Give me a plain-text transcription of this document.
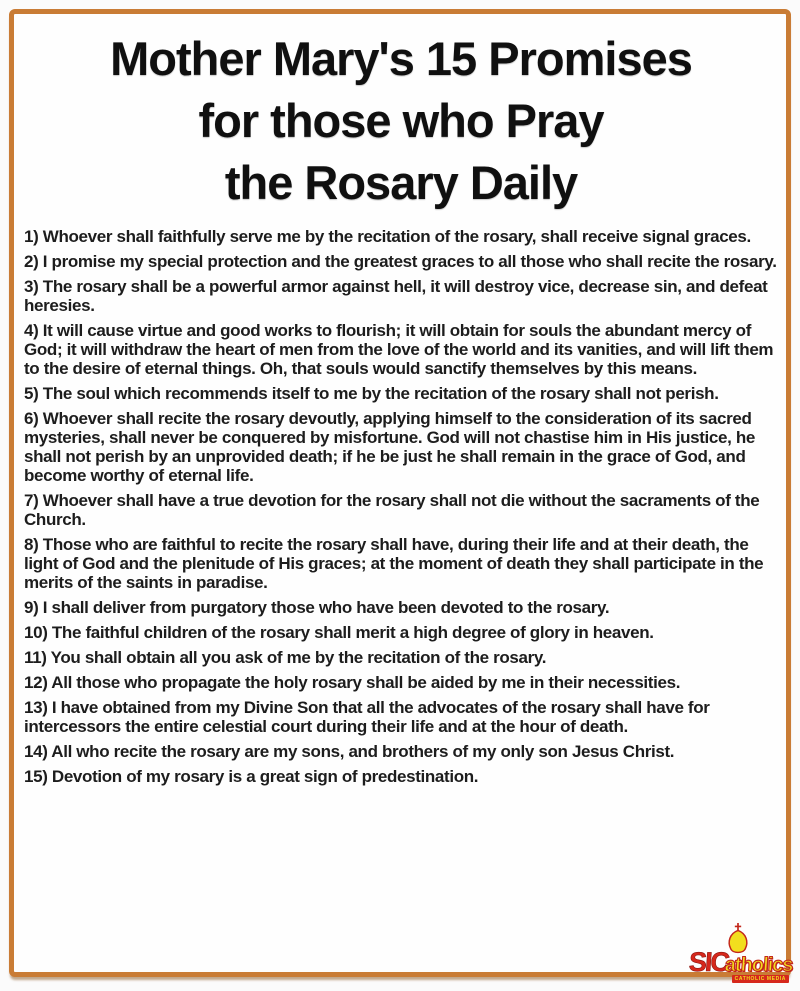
Mother Mary's 15 Promises
for those who Pray
the Rosary Daily

1) Whoever shall faithfully serve me by the recitation of the rosary, shall receive signal graces.

2) I promise my special protection and the greatest graces to all those who shall recite the rosary.

3) The rosary shall be a powerful armor against hell, it will destroy vice, decrease sin, and defeat heresies.

4) It will cause virtue and good works to flourish; it will obtain for souls the abundant mercy of God; it will withdraw the heart of men from the love of the world and its vanities, and will lift them to the desire of eternal things. Oh, that souls would sanctify themselves by this means.

5) The soul which recommends itself to me by the recitation of the rosary shall not perish.

6) Whoever shall recite the rosary devoutly, applying himself to the consideration of its sacred mysteries, shall never be conquered by misfortune. God will not chastise him in His justice, he shall not perish by an unprovided death; if he be just he shall remain in the grace of God, and become worthy of eternal life.

7) Whoever shall have a true devotion for the rosary shall not die without the sacraments of the Church.

8) Those who are faithful to recite the rosary shall have, during their life and at their death, the light of God and the plenitude of His graces; at the moment of death they shall participate in the merits of the saints in paradise.

9) I shall deliver from purgatory those who have been devoted to the rosary.

10) The faithful children of the rosary shall merit a high degree of glory in heaven.

11) You shall obtain all you ask of me by the recitation of the rosary.

12) All those who propagate the holy rosary shall be aided by me in their necessities.

13) I have obtained from my Divine Son that all the advocates of the rosary shall have for intercessors the entire celestial court during their life and at the hour of death.

14) All who recite the rosary are my sons, and brothers of my only son Jesus Christ.

15) Devotion of my rosary is a great sign of predestination.

SICatholics
CATHOLIC MEDIA
